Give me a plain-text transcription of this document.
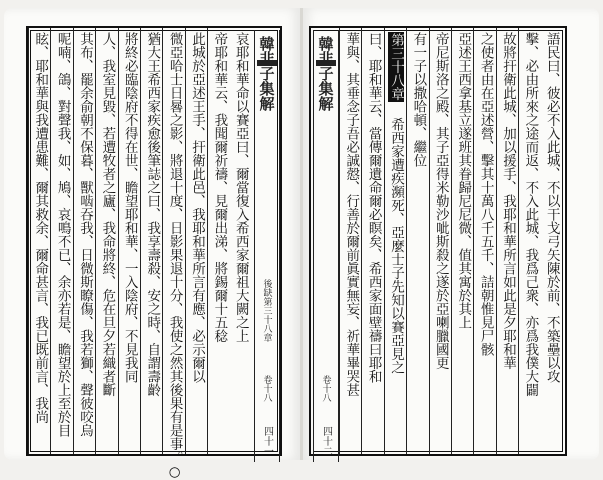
哀耶和華命以賽亞曰、爾當復入希西家爾祖大闕之上
帝耶和華云、我聞爾祈禱、見爾出涕、將錫爾十五稔
此城於亞述王手、扞衛此邑、我耶和華所言有應、必示爾以
微亞哈士日晷之影、將退十度、日影果退十分、我使之然其後果有是事。○
猶大王希西家疾愈後筆誌之曰、我享壽殺、安之時、自謂壽齡
將終必臨陰府不得在世、瞻望耶和華、一入陰府、不見我同
人、我室見毀、若遭牧者之廬、我命將終、危在旦夕若織者斷
其布、罷余俞朝不保暮、獸啮吞我、日微斯瞭傷、我若獅、聲彼咬烏
呢喃、鴿、對聲我、如、鳩、哀鳴不已、余亦若是、瞻望於上至於目
眩、耶和華與我遭患難、爾其救余、爾命甚言、我已既前言、我尚	韓非子集解
卷十八
後缺第三十八章
四十一
韓非子集解
卷十八
四十二
語民曰、彼必不入此城、不以干戈弓矢陳於前、不築壘以攻
擊、必由所來之途而返、不入此城、我爲己衆、亦爲我僕大闢
故將扞衛此城、加以援手、我耶和華所言如此是夕耶和華
之使者由在亞述營、擊其十萬八千五千、詰朝惟見尸骸
亞述王西拿基立遂班其眷歸尼尼微、值其寓於其上
帝尼斯洛之殿、其子亞得米勒沙呲斯殺之遂於亞喇臘國更
有一子以撒哈頓、繼位
第三十八章 希西家遭疾瀕死、亞麼士子先知以賽亞見之
曰、耶和華云、當傳爾遺命爾必瞑矣、希西家面壁禱曰耶和
華與、其垂念子吾必誠慤、行善於爾前眞實無妄、祈華畢哭甚
